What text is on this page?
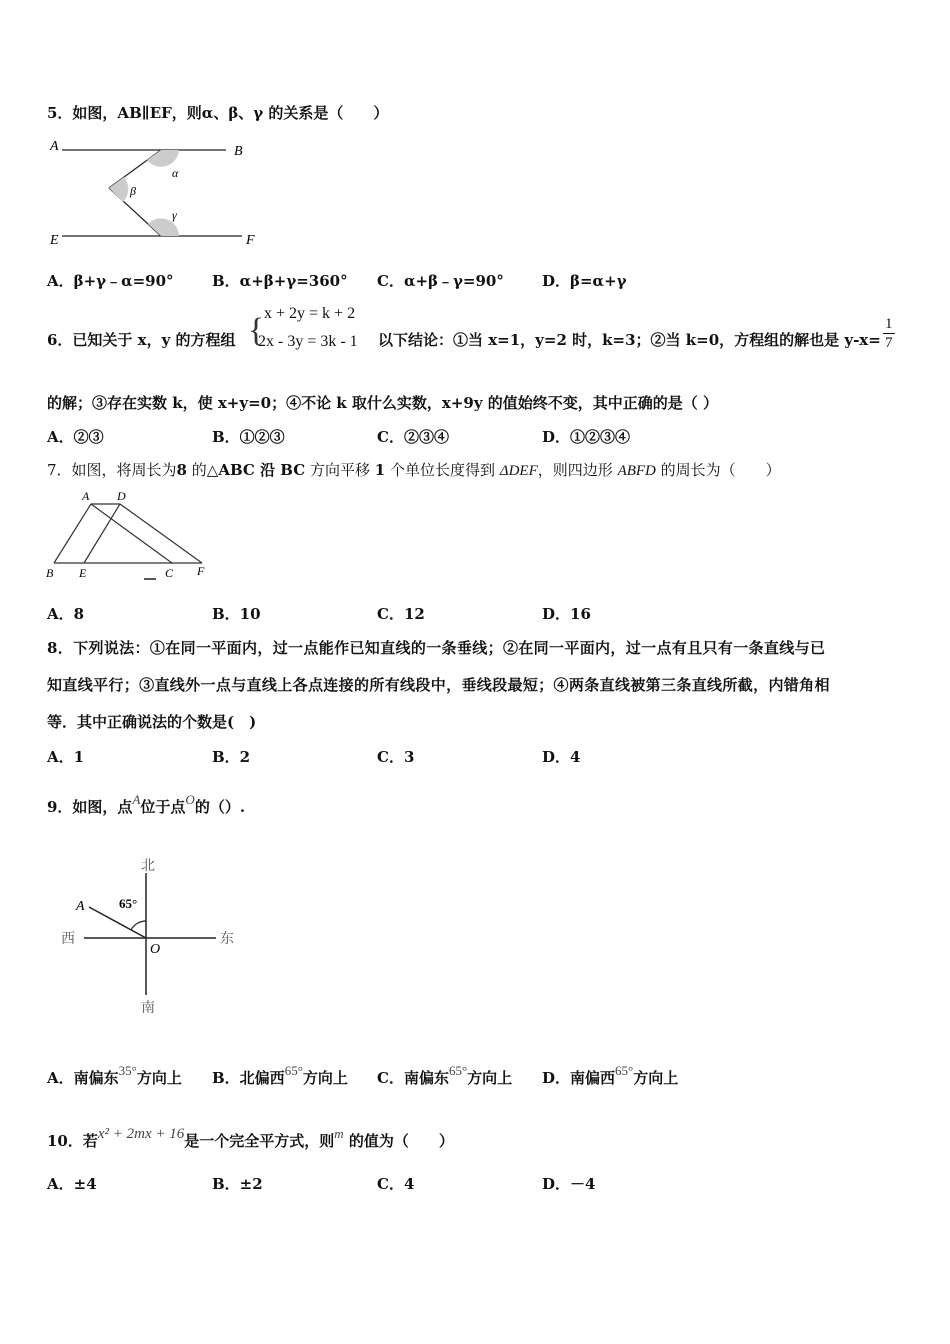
5．如图，AB∥EF，则α、β、γ 的关系是（　　）
A	B
E	F
α
β
γ
A．β+γ﹣α=90°	B．α+β+γ=360° C．α+β﹣γ=90°	D．β=α+γ
6．已知关于 x，y 的方程组 { x + 2y = k + 2
2x - 3y = 3k - 1 以下结论：①当 x=1，y=2 时，k=3；②当 k=0，方程组的解也是 $y-x= \frac{1}{7}$
的解；③存在实数 k，使 x+y=0；④不论 k 取什么实数，x+9y 的值始终不变，其中正确的是（ ）
A．②③	B．①②③	C．②③④	D．①②③④
7．如图，将周长为8 的△ABC 沿 BC 方向平移 1 个单位长度得到 ΔDEF，则四边形 ABFD 的周长为（　　）
A D
B E	C F
A．8	B．10	C．12	D．16
8．下列说法：①在同一平面内，过一点能作已知直线的一条垂线；②在同一平面内，过一点有且只有一条直线与已
知直线平行；③直线外一点与直线上各点连接的所有线段中，垂线段最短；④两条直线被第三条直线所截，内错角相
等．其中正确说法的个数是(　)
A．1	B．2	C．3	D．4
9．如图，点A位于点O的（）.
北
南
西	东
A
O
65°
A．南偏东35°方向上 B．北偏西65°方向上 C．南偏东65°方向上 D．南偏西65°方向上
10．若x² + 2mx + 16是一个完全平方式，则m 的值为（　　）
A．±4	B．±2	C．4	D．－4
